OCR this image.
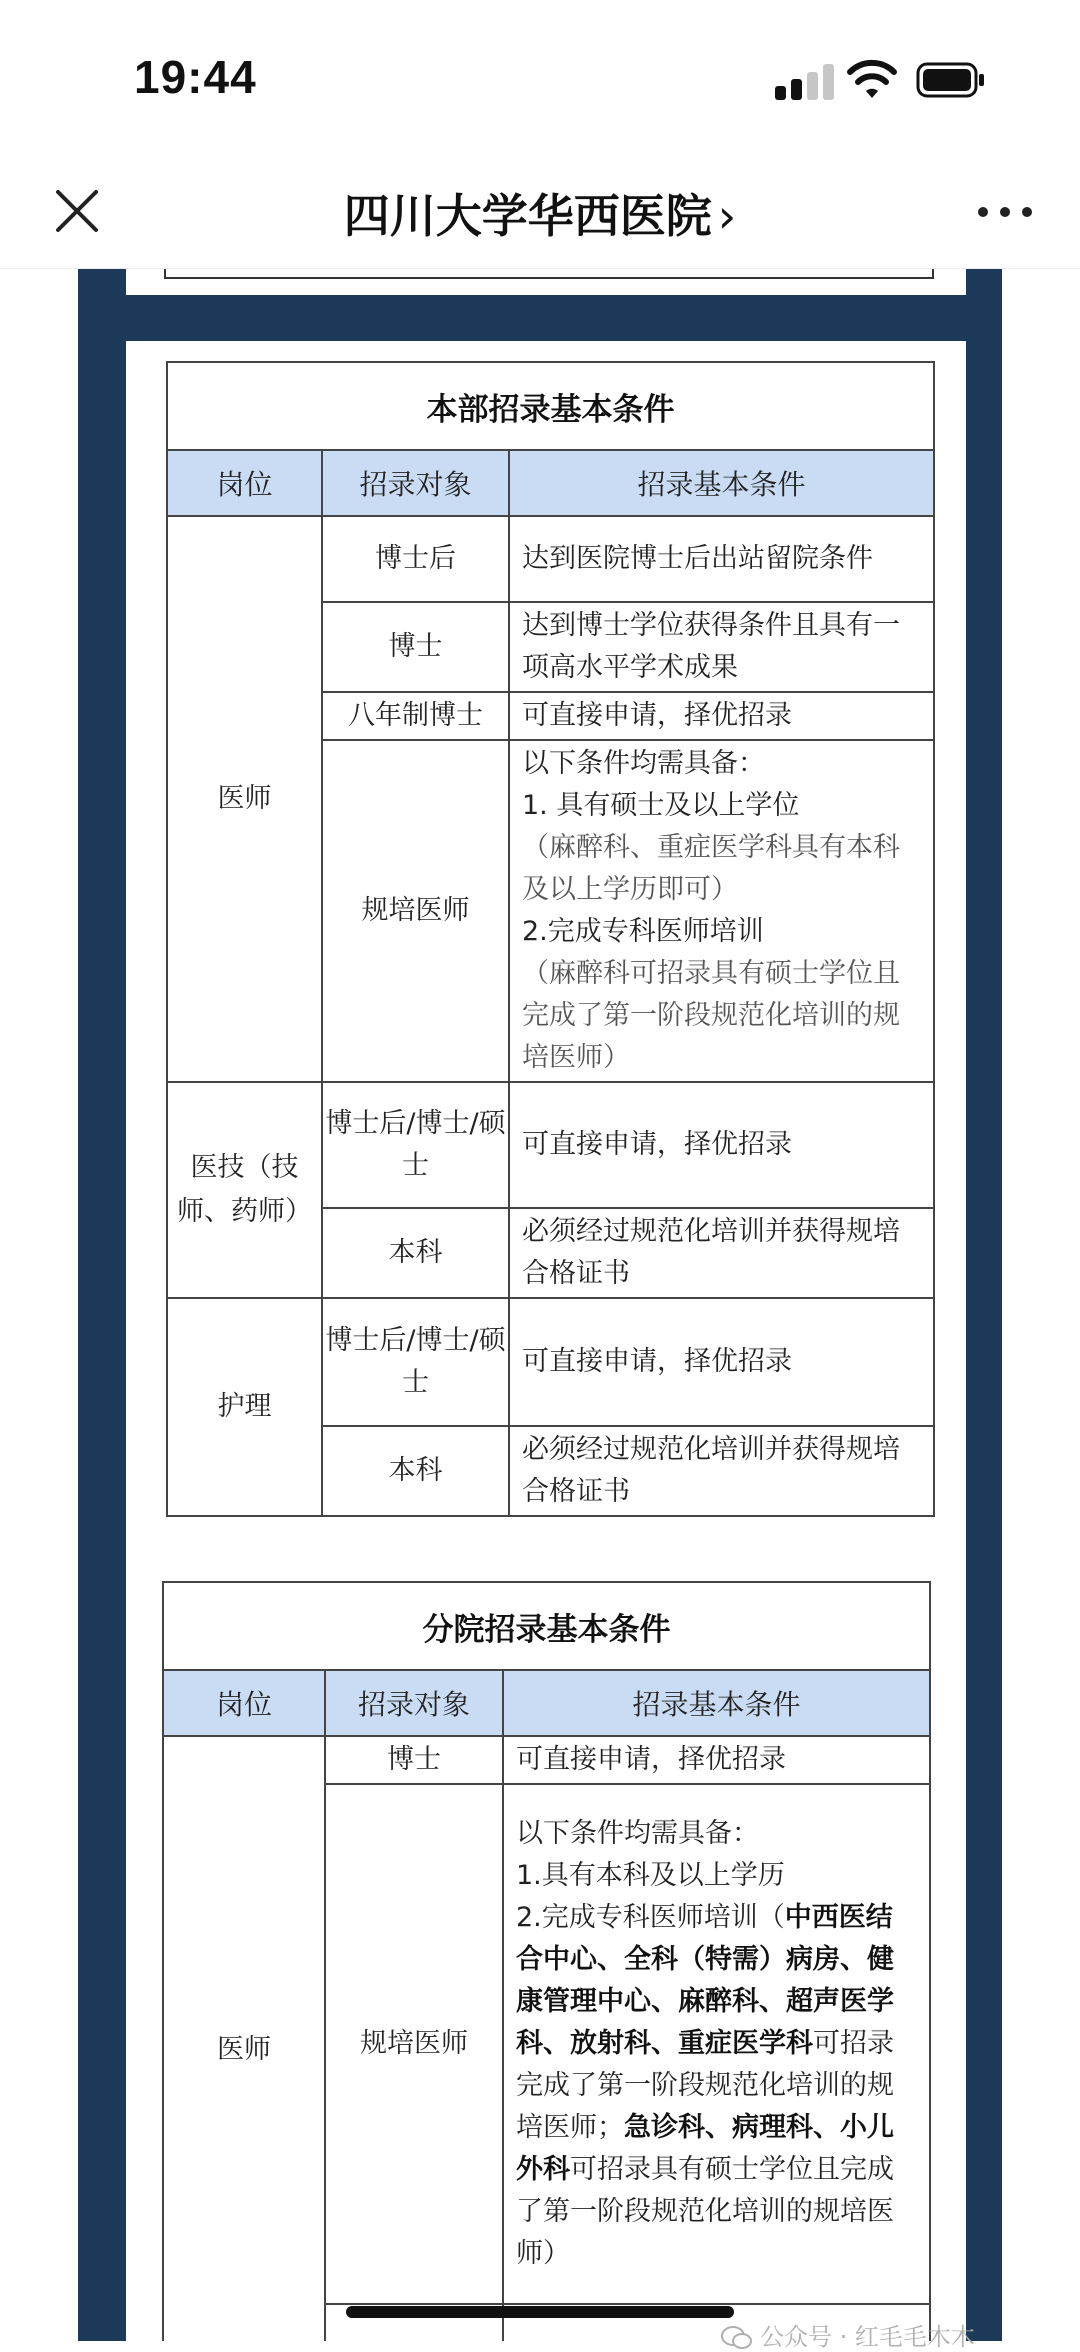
19:44
四川大学华西医院 ›
本部招录基本条件		
岗位	招录对象	招录基本条件
医师	博士后	达到医院博士后出站留院条件
	博士	达到博士学位获得条件且具有一项高水平学术成果
	八年制博士	可直接申请，择优招录
	规培医师	以下条件均需具备：
1. 具有硕士及以上学位
（麻醉科、重症医学科具有本科及以上学历即可）
2.完成专科医师培训
（麻醉科可招录具有硕士学位且完成了第一阶段规范化培训的规培医师）

医技（技师、药师）	博士后/博士/硕士	可直接申请，择优招录
	本科	必须经过规范化培训并获得规培合格证书
护理	博士后/博士/硕士	可直接申请，择优招录
	本科	必须经过规范化培训并获得规培合格证书
分院招录基本条件		
岗位	招录对象	招录基本条件
医师	博士	可直接申请，择优招录
	规培医师	以下条件均需具备：
1.具有本科及以上学历
2.完成专科医师培训（中西医结合中心、全科（特需）病房、健康管理中心、麻醉科、超声医学科、放射科、重症医学科可招录完成了第一阶段规范化培训的规培医师；急诊科、病理科、小儿外科可招录具有硕士学位且完成了第一阶段规范化培训的规培医师）

公众号 · 红毛毛木木
